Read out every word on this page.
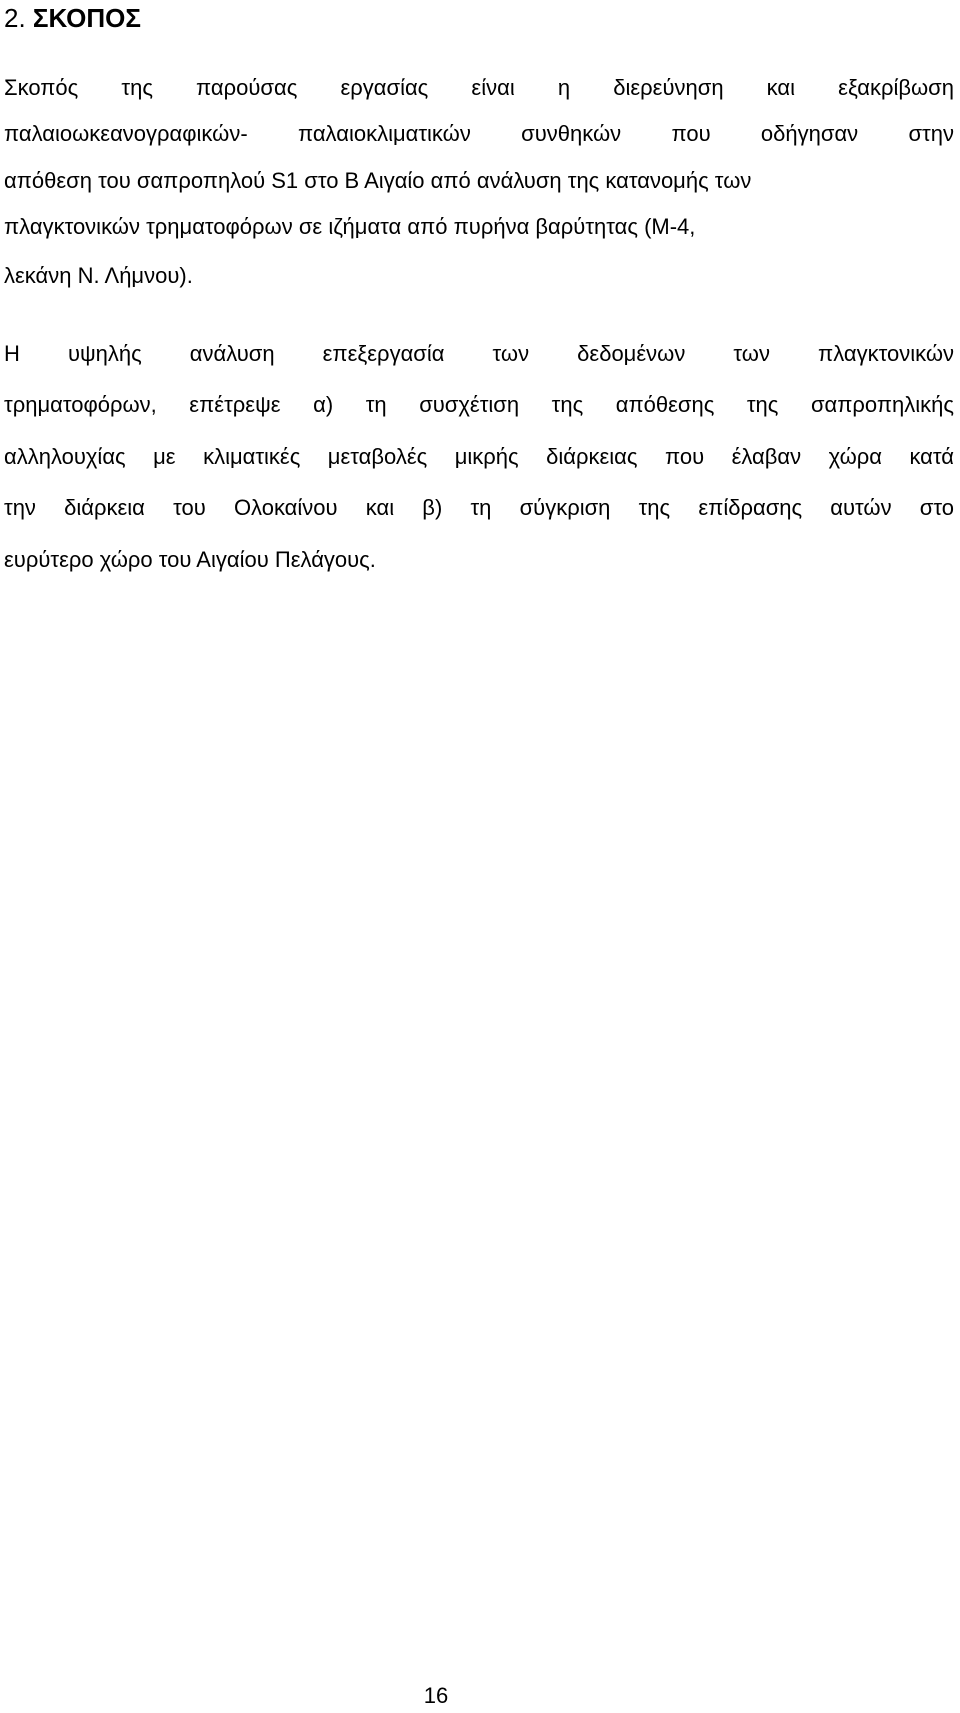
2. ΣΚΟΠΟΣ
Σκοπός της παρούσας εργασίας είναι η διερεύνηση και εξακρίβωση
παλαιοωκεανογραφικών- παλαιοκλιματικών συνθηκών που οδήγησαν στην
απόθεση του σαπροπηλού S1 στο Β Αιγαίο από ανάλυση της κατανομής των
πλαγκτονικών τρηματοφόρων σε ιζήματα από πυρήνα βαρύτητας (Μ-4,
λεκάνη Ν. Λήμνου).
Η υψηλής ανάλυση επεξεργασία των δεδομένων των πλαγκτονικών
τρηματοφόρων, επέτρεψε α) τη συσχέτιση της απόθεσης της σαπροπηλικής
αλληλουχίας με κλιματικές μεταβολές μικρής διάρκειας που έλαβαν χώρα κατά
την διάρκεια του Ολοκαίνου και β) τη σύγκριση της επίδρασης αυτών στο
ευρύτερο χώρο του Αιγαίου Πελάγους.
16
